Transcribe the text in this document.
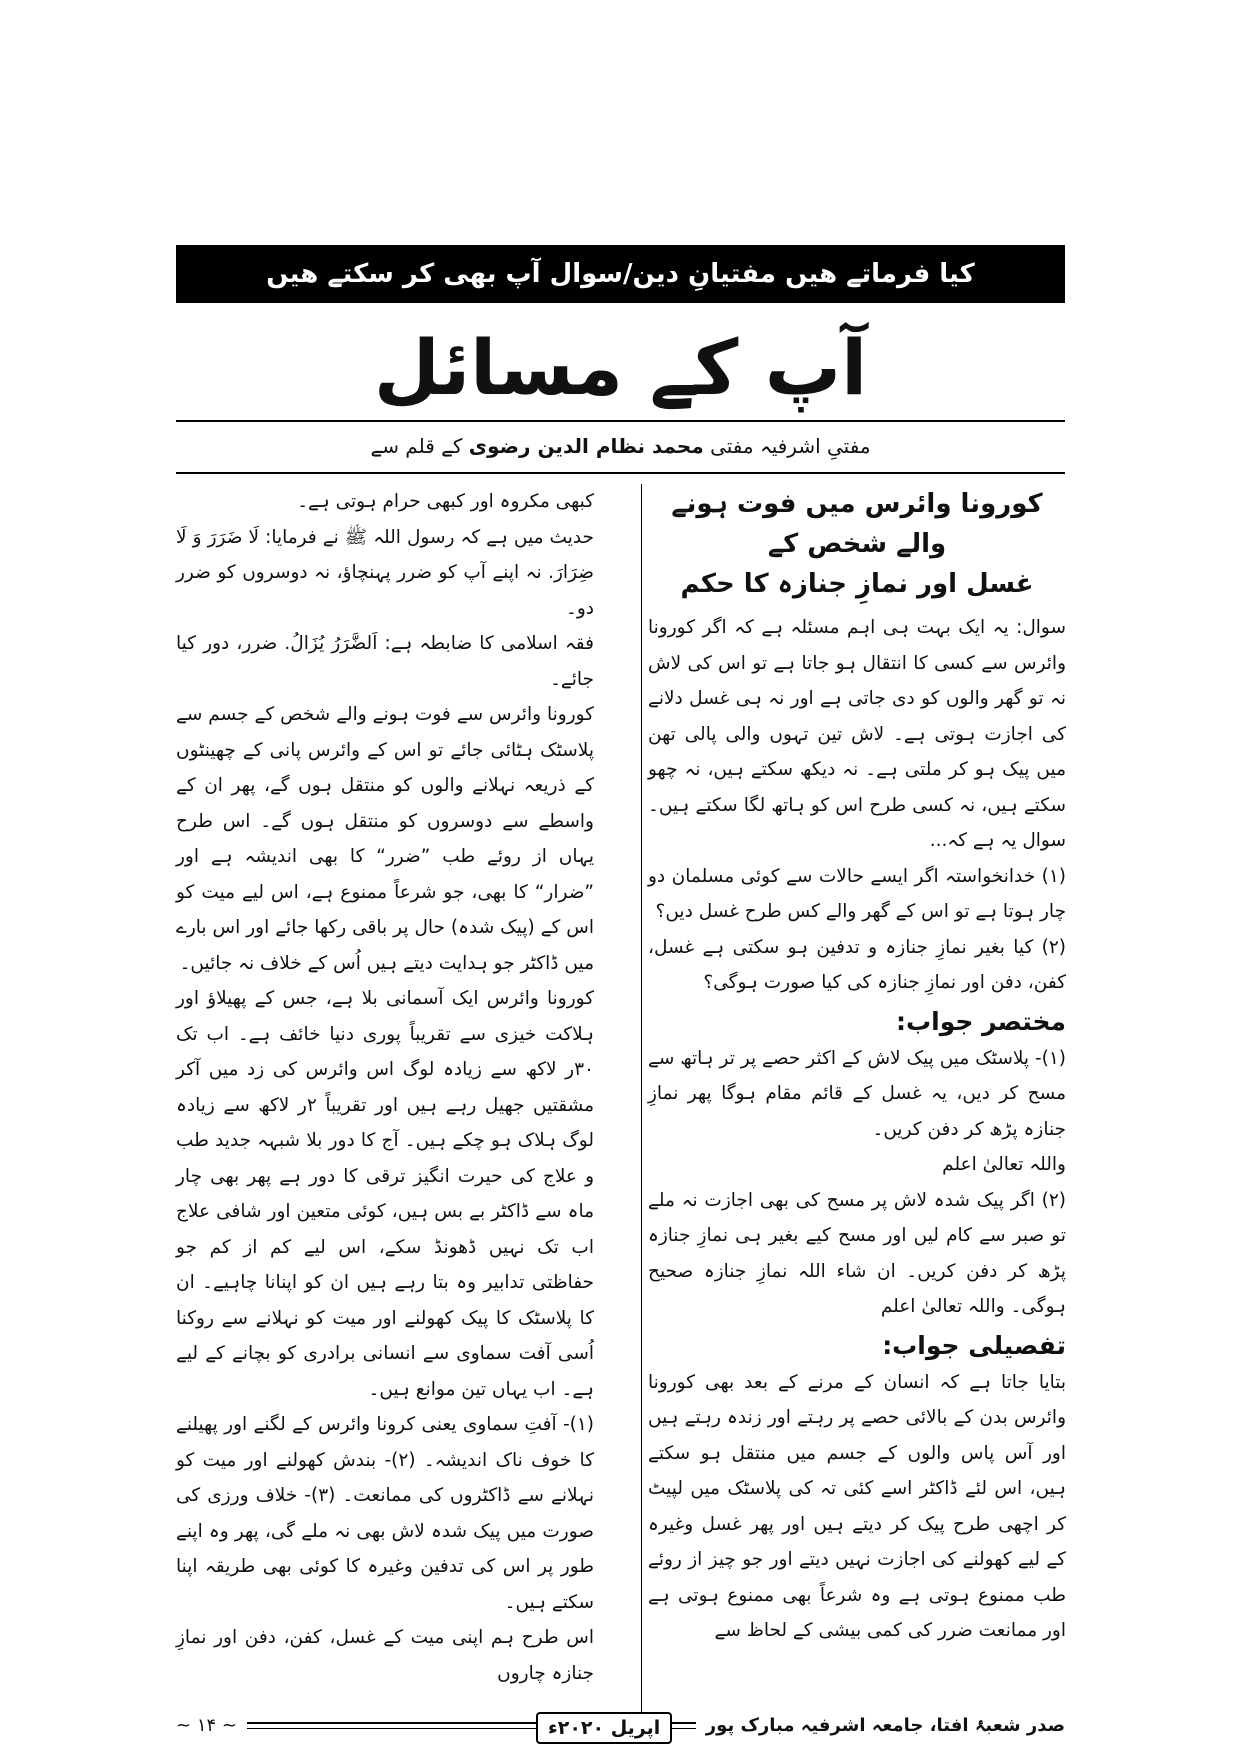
کیا فرماتے ھیں مفتیانِ دین/سوال آپ بھی کر سکتے ھیں
آپ کے مسائل
مفتیِ اشرفیہ مفتی

محمد نظام الدین رضوی

کے قلم سے
کورونا وائرس میں فوت ہونے والے شخص کے
غسل اور نمازِ جنازہ کا حکم

سوال: یہ ایک بہت ہی اہم مسئلہ ہے کہ اگر کورونا وائرس سے کسی کا انتقال ہو جاتا ہے تو اس کی لاش نہ تو گھر والوں کو دی جاتی ہے اور نہ ہی غسل دلانے کی اجازت ہوتی ہے۔ لاش تین تہوں والی پالی تھن میں پیک ہو کر ملتی ہے۔ نہ دیکھ سکتے ہیں، نہ چھو سکتے ہیں، نہ کسی طرح اس کو ہاتھ لگا سکتے ہیں۔ سوال یہ ہے کہ...

(۱) خدانخواستہ اگر ایسے حالات سے کوئی مسلمان دو چار ہوتا ہے تو اس کے گھر والے کس طرح غسل دیں؟

(۲) کیا بغیر نمازِ جنازہ و تدفین ہو سکتی ہے غسل، کفن، دفن اور نمازِ جنازہ کی کیا صورت ہوگی؟

مختصر جواب:

(۱)- پلاسٹک میں پیک لاش کے اکثر حصے پر تر ہاتھ سے مسح کر دیں، یہ غسل کے قائم مقام ہوگا پھر نمازِ جنازہ پڑھ کر دفن کریں۔

واللہ تعالیٰ اعلم

(۲) اگر پیک شدہ لاش پر مسح کی بھی اجازت نہ ملے تو صبر سے کام لیں اور مسح کیے بغیر ہی نمازِ جنازہ پڑھ کر دفن کریں۔ ان شاء اللہ نمازِ جنازہ صحیح ہوگی۔ واللہ تعالیٰ اعلم

تفصیلی جواب:

بتایا جاتا ہے کہ انسان کے مرنے کے بعد بھی کورونا وائرس بدن کے بالائی حصے پر رہتے اور زندہ رہتے ہیں اور آس پاس والوں کے جسم میں منتقل ہو سکتے ہیں، اس لئے ڈاکٹر اسے کئی تہ کی پلاسٹک میں لپیٹ کر اچھی طرح پیک کر دیتے ہیں اور پھر غسل وغیرہ کے لیے کھولنے کی اجازت نہیں دیتے اور جو چیز از روئے طب ممنوع ہوتی ہے وہ شرعاً بھی ممنوع ہوتی ہے اور ممانعت ضرر کی کمی بیشی کے لحاظ سے

کبھی مکروہ اور کبھی حرام ہوتی ہے۔

حدیث میں ہے کہ رسول اللہ ﷺ نے فرمایا: لَا ضَرَرَ وَ لَا ضِرَارَ. نہ اپنے آپ کو ضرر پہنچاؤ، نہ دوسروں کو ضرر دو۔

فقہ اسلامی کا ضابطہ ہے: اَلضَّرَرُ یُزَالُ. ضرر، دور کیا جائے۔

کورونا وائرس سے فوت ہونے والے شخص کے جسم سے پلاسٹک ہٹائی جائے تو اس کے وائرس پانی کے چھینٹوں کے ذریعہ نہلانے والوں کو منتقل ہوں گے، پھر ان کے واسطے سے دوسروں کو منتقل ہوں گے۔ اس طرح یہاں از روئے طب ”ضرر“ کا بھی اندیشہ ہے اور ”ضرار“ کا بھی، جو شرعاً ممنوع ہے، اس لیے میت کو اس کے (پیک شدہ) حال پر باقی رکھا جائے اور اس بارے میں ڈاکٹر جو ہدایت دیتے ہیں اُس کے خلاف نہ جائیں۔

کورونا وائرس ایک آسمانی بلا ہے، جس کے پھیلاؤ اور ہلاکت خیزی سے تقریباً پوری دنیا خائف ہے۔ اب تک ۳۰ر لاکھ سے زیادہ لوگ اس وائرس کی زد میں آکر مشقتیں جھیل رہے ہیں اور تقریباً ۲ر لاکھ سے زیادہ لوگ ہلاک ہو چکے ہیں۔ آج کا دور بلا شبہہ جدید طب و علاج کی حیرت انگیز ترقی کا دور ہے پھر بھی چار ماہ سے ڈاکٹر بے بس ہیں، کوئی متعین اور شافی علاج اب تک نہیں ڈھونڈ سکے، اس لیے کم از کم جو حفاظتی تدابیر وہ بتا رہے ہیں ان کو اپنانا چاہیے۔ ان کا پلاسٹک کا پیک کھولنے اور میت کو نہلانے سے روکنا اُسی آفت سماوی سے انسانی برادری کو بچانے کے لیے ہے۔ اب یہاں تین موانع ہیں۔

(۱)- آفتِ سماوی یعنی کرونا وائرس کے لگنے اور پھیلنے کا خوف ناک اندیشہ۔ (۲)- بندش کھولنے اور میت کو نہلانے سے ڈاکٹروں کی ممانعت۔ (۳)- خلاف ورزی کی صورت میں پیک شدہ لاش بھی نہ ملے گی، پھر وہ اپنے طور پر اس کی تدفین وغیرہ کا کوئی بھی طریقہ اپنا سکتے ہیں۔

اس طرح ہم اپنی میت کے غسل، کفن، دفن اور نمازِ جنازہ چاروں

صدر شعبۂ افتا، جامعہ اشرفیہ مبارک پور
اپریل ۲۰۲۰ء
~ ۱۴ ~
